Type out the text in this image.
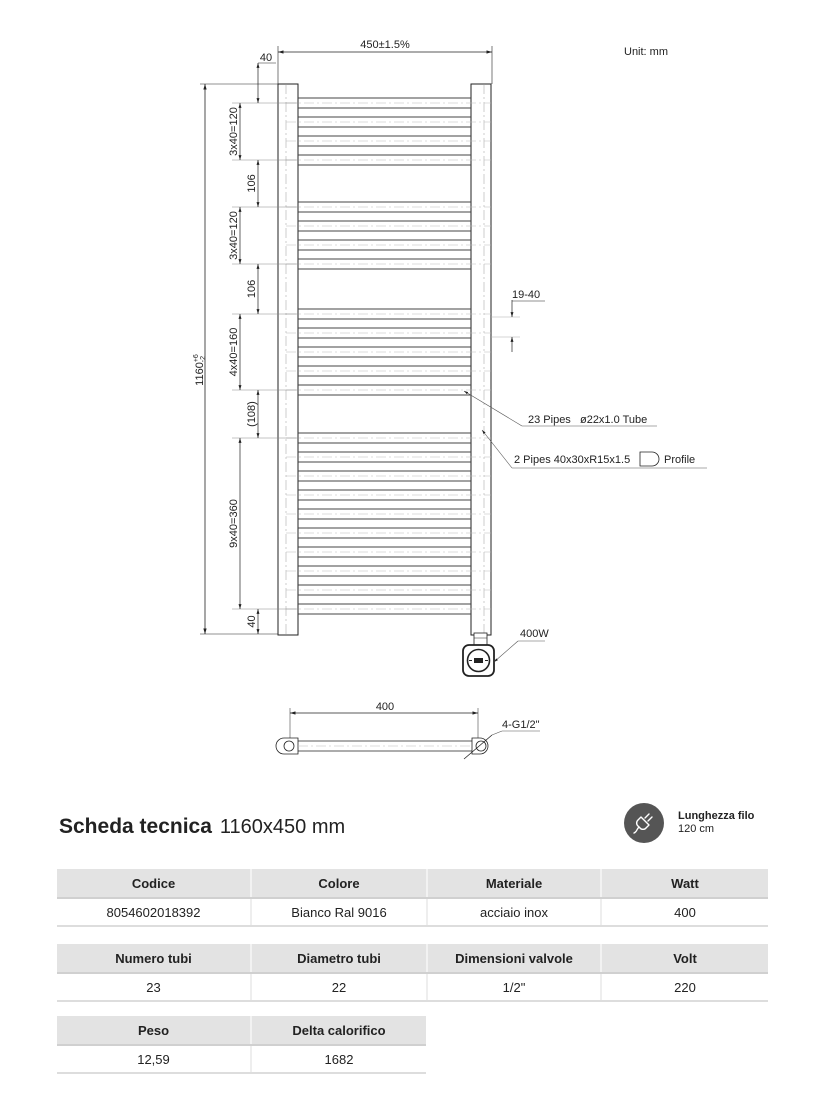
Unit: mm
450±1.5%
40
$1160^{+6}-2$
3x40=120
106
3x40=120
106
4x40=160
(108)
9x40=360
40
19-40
23 Pipes   ø22x1.0 Tube
2 Pipes 40x30xR15x1.5	Profile
400W
400
4-G1/2"
Scheda tecnica 1160x450 mm	Lunghezza filo
120 cm
Codice	Colore	Materiale	Watt
8054602018392	Bianco Ral 9016	acciaio inox	400
Numero tubi	Diametro tubi	Dimensioni valvole	Volt
23	22	1/2"	220
Peso	Delta calorifico
12,59	1682
